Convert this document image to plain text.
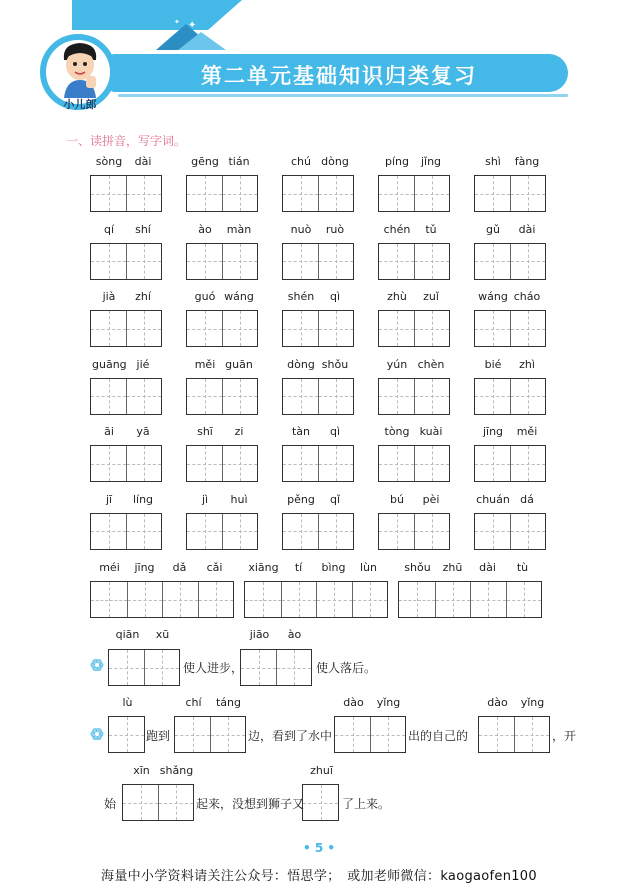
✦
✦
第二单元基础知识归类复习
小儿郎
一、读拼音，写字词。
sòng dài	gēng tián	chú dòng	píng jǐng	shì fàng
qí shí	ào màn	nuò ruò	chén tǔ	gǔ dài
jià zhí	guó wáng	shén qì	zhù zuǐ	wáng cháo
guāng jié	měi guān	dòng shǒu	yún chèn	bié zhì
āi yā	shī zi	tàn qì	tòng kuài	jīng měi
jī líng	jì huì	pěng qǐ	bú pèi	chuán dá
méi jīng dǎ cǎi	xiāng tí bìng lùn	shǒu zhū dài tù
qiān xū
使人进步，
jiāo ào
使人落后。
lù
跑到
chí táng
边，看到了水中
dào yǐng
出的自己的
dào yǐng
，开
始
xīn shǎng
起来，没想到狮子又
zhuī
了上来。
• 5 •
海量中小学资料请关注公众号：悟思学；　或加老师微信：kaogaofen100
